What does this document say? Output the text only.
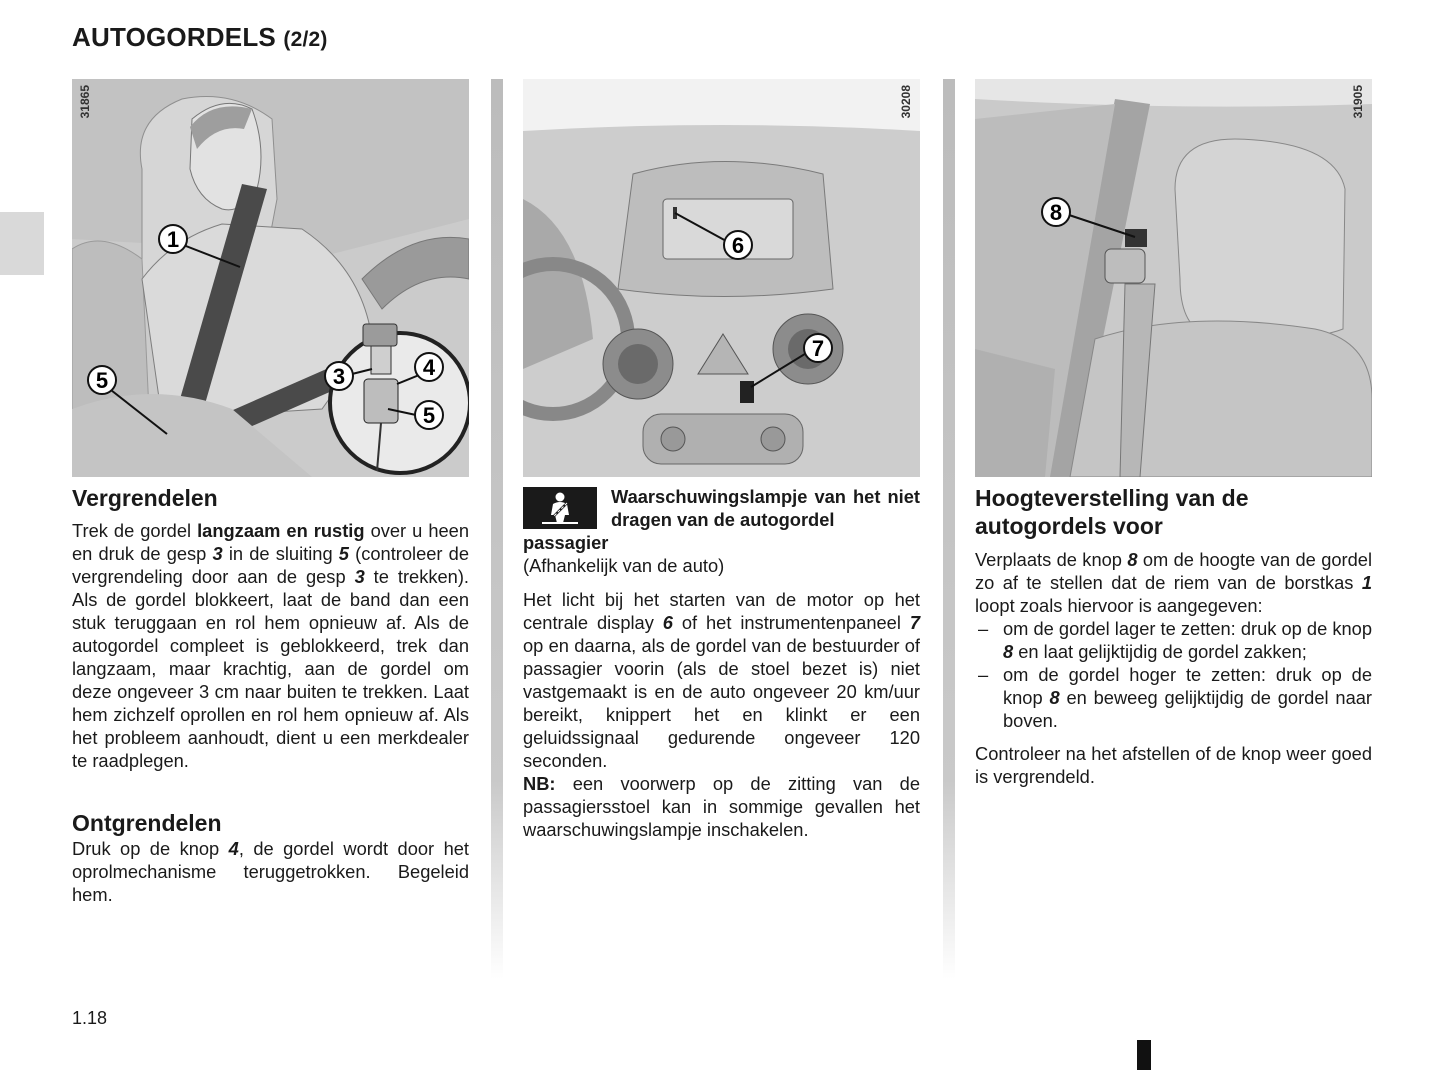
AUTOGORDELS (2/2)
1
3	4
5
5
31865
6
7
30208
8
31905
Vergrendelen

Trek de gordel langzaam en rustig over u heen en druk de gesp 3 in de sluiting 5 (controleer de vergrendeling door aan de gesp 3 te trekken). Als de gordel blokkeert, laat de band dan een stuk teruggaan en rol hem opnieuw af. Als de autogordel compleet is geblokkeerd, trek dan langzaam, maar krachtig, aan de gordel om deze ongeveer 3 cm naar buiten te trekken. Laat hem zichzelf oprollen en rol hem opnieuw af. Als het probleem aanhoudt, dient u een merkdealer te raadplegen.

Ontgrendelen

Druk op de knop 4, de gordel wordt door het oprolmechanisme teruggetrokken. Begeleid hem.

Waarschuwingslampje van het niet dragen van de autogordel

passagier

(Afhankelijk van de auto)

Het licht bij het starten van de motor op het centrale display 6 of het instrumentenpaneel 7 op en daarna, als de gordel van de bestuurder of passagier voorin (als de stoel bezet is) niet vastgemaakt is en de auto ongeveer 20 km/uur bereikt, knippert het en klinkt er een geluidssignaal gedurende ongeveer 120 seconden.

NB: een voorwerp op de zitting van de passagiersstoel kan in sommige gevallen het waarschuwingslampje inschakelen.

Hoogteverstelling van de autogordels voor

Verplaats de knop 8 om de hoogte van de gordel zo af te stellen dat de riem van de borstkas 1 loopt zoals hiervoor is aangegeven:

– om de gordel lager te zetten: druk op de knop 8 en laat gelijktijdig de gordel zakken;
– om de gordel hoger te zetten: druk op de knop 8 en beweeg gelijktijdig de gordel naar boven.

Controleer na het afstellen of de knop weer goed is vergrendeld.

1.18
